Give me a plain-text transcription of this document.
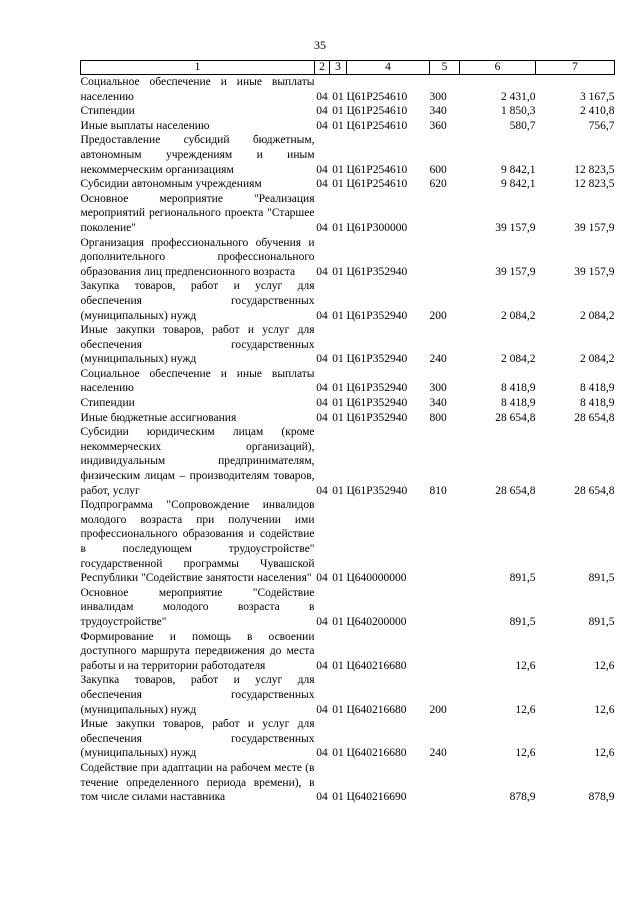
35
1	2	3	4	5	6	7
Социальное обеспечение и иные выплаты населению	04	01	Ц61Р254610	300	2 431,0	3 167,5
Стипендии	04	01	Ц61Р254610	340	1 850,3	2 410,8
Иные выплаты населению	04	01	Ц61Р254610	360	580,7	756,7
Предоставление субсидий бюджетным, автономным учреждениям и иным некоммерческим организациям	04	01	Ц61Р254610	600	9 842,1	12 823,5
Субсидии автономным учреждениям	04	01	Ц61Р254610	620	9 842,1	12 823,5
Основное мероприятие "Реализация мероприятий регионального проекта "Старшее поколение"	04	01	Ц61Р300000		39 157,9	39 157,9
Организация профессионального обучения и дополнительного профессионального образования лиц предпенсионного возраста	04	01	Ц61Р352940		39 157,9	39 157,9
Закупка товаров, работ и услуг для обеспечения государственных (муниципальных) нужд	04	01	Ц61Р352940	200	2 084,2	2 084,2
Иные закупки товаров, работ и услуг для обеспечения государственных (муниципальных) нужд	04	01	Ц61Р352940	240	2 084,2	2 084,2
Социальное обеспечение и иные выплаты населению	04	01	Ц61Р352940	300	8 418,9	8 418,9
Стипендии	04	01	Ц61Р352940	340	8 418,9	8 418,9
Иные бюджетные ассигнования	04	01	Ц61Р352940	800	28 654,8	28 654,8
Субсидии юридическим лицам (кроме некоммерческих организаций), индивидуальным предпринимателям, физическим лицам – производителям товаров, работ, услуг	04	01	Ц61Р352940	810	28 654,8	28 654,8
Подпрограмма "Сопровождение инвалидов молодого возраста при получении ими профессионального образования и содействие в последующем трудоустройстве" государственной программы Чувашской Республики "Содействие занятости населения"	04	01	Ц640000000		891,5	891,5
Основное мероприятие "Содействие инвалидам молодого возраста в трудоустройстве"	04	01	Ц640200000		891,5	891,5
Формирование и помощь в освоении доступного маршрута передвижения до места работы и на территории работодателя	04	01	Ц640216680		12,6	12,6
Закупка товаров, работ и услуг для обеспечения государственных (муниципальных) нужд	04	01	Ц640216680	200	12,6	12,6
Иные закупки товаров, работ и услуг для обеспечения государственных (муниципальных) нужд	04	01	Ц640216680	240	12,6	12,6
Содействие при адаптации на рабочем месте (в течение определенного периода времени), в том числе силами наставника	04	01	Ц640216690		878,9	878,9
